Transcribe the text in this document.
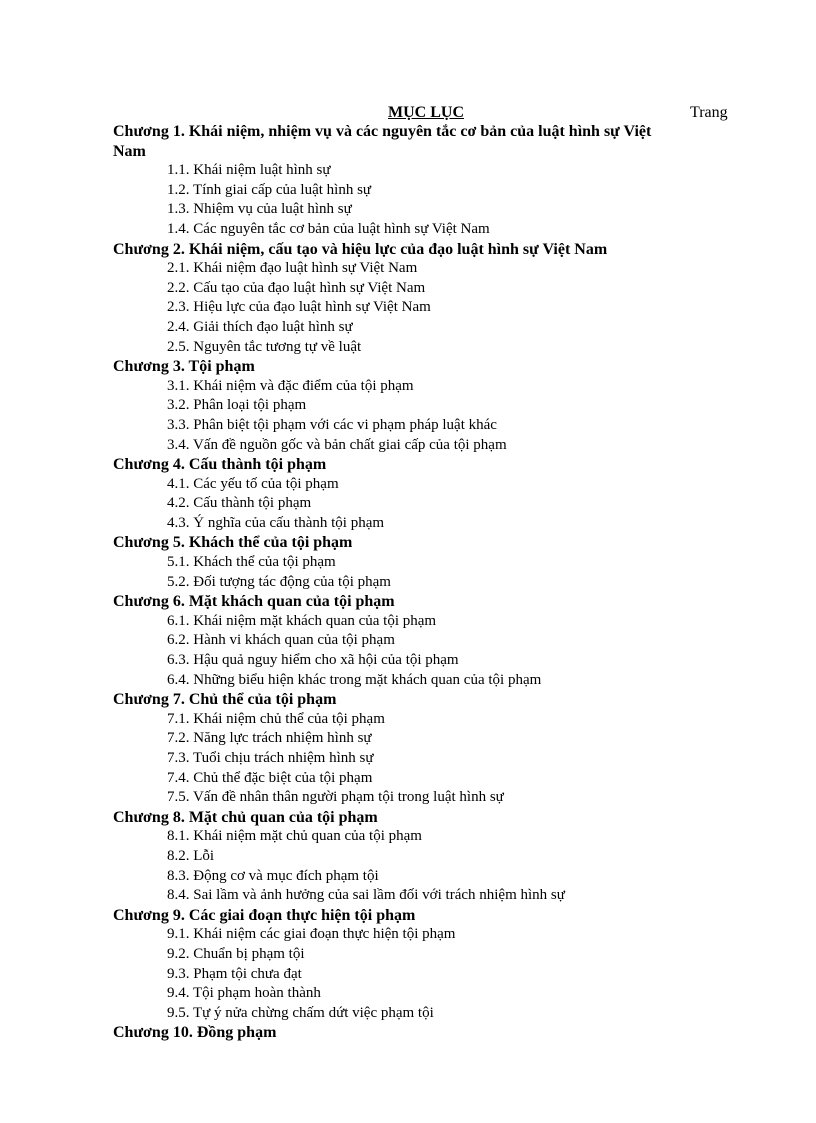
MỤC LỤC	Trang
Chương 1. Khái niệm, nhiệm vụ và các nguyên tắc cơ bản của luật hình sự Việt Nam
1.1. Khái niệm luật hình sự
1.2. Tính giai cấp của luật hình sự
1.3. Nhiệm vụ của luật hình sự
1.4. Các nguyên tắc cơ bản của luật hình sự Việt Nam
Chương 2. Khái niệm, cấu tạo và hiệu lực của đạo luật hình sự Việt Nam
2.1. Khái niệm đạo luật hình sự Việt Nam
2.2. Cấu tạo của đạo luật hình sự Việt Nam
2.3. Hiệu lực của đạo luật hình sự Việt Nam
2.4. Giải thích đạo luật hình sự
2.5. Nguyên tắc tương tự về luật
Chương 3. Tội phạm
3.1. Khái niệm và đặc điểm của tội phạm
3.2. Phân loại tội phạm
3.3. Phân biệt tội phạm với các vi phạm pháp luật khác
3.4. Vấn đề nguồn gốc và bản chất giai cấp của tội phạm
Chương 4. Cấu thành tội phạm
4.1. Các yếu tố của tội phạm
4.2. Cấu thành tội phạm
4.3. Ý nghĩa của cấu thành tội phạm
Chương 5. Khách thể của tội phạm
5.1. Khách thể của tội phạm
5.2. Đối tượng tác động của tội phạm
Chương 6. Mặt khách quan của tội phạm
6.1. Khái niệm mặt khách quan của tội phạm
6.2. Hành vi khách quan của tội phạm
6.3. Hậu quả nguy hiểm cho xã hội của tội phạm
6.4. Những biểu hiện khác trong mặt khách quan của tội phạm
Chương 7. Chủ thể của tội phạm
7.1. Khái niệm chủ thể của tội phạm
7.2. Năng lực trách nhiệm hình sự
7.3. Tuổi chịu trách nhiệm hình sự
7.4. Chủ thể đặc biệt của tội phạm
7.5. Vấn đề nhân thân người phạm tội trong luật hình sự
Chương 8. Mặt chủ quan của tội phạm
8.1. Khái niệm mặt chủ quan của tội phạm
8.2. Lỗi
8.3. Động cơ và mục đích phạm tội
8.4. Sai lầm và ảnh hưởng của sai lầm đối với trách nhiệm hình sự
Chương 9. Các giai đoạn thực hiện tội phạm
9.1. Khái niệm các giai đoạn thực hiện tội phạm
9.2. Chuẩn bị phạm tội
9.3. Phạm tội chưa đạt
9.4. Tội phạm hoàn thành
9.5. Tự ý nửa chừng chấm dứt việc phạm tội
Chương 10. Đồng phạm
